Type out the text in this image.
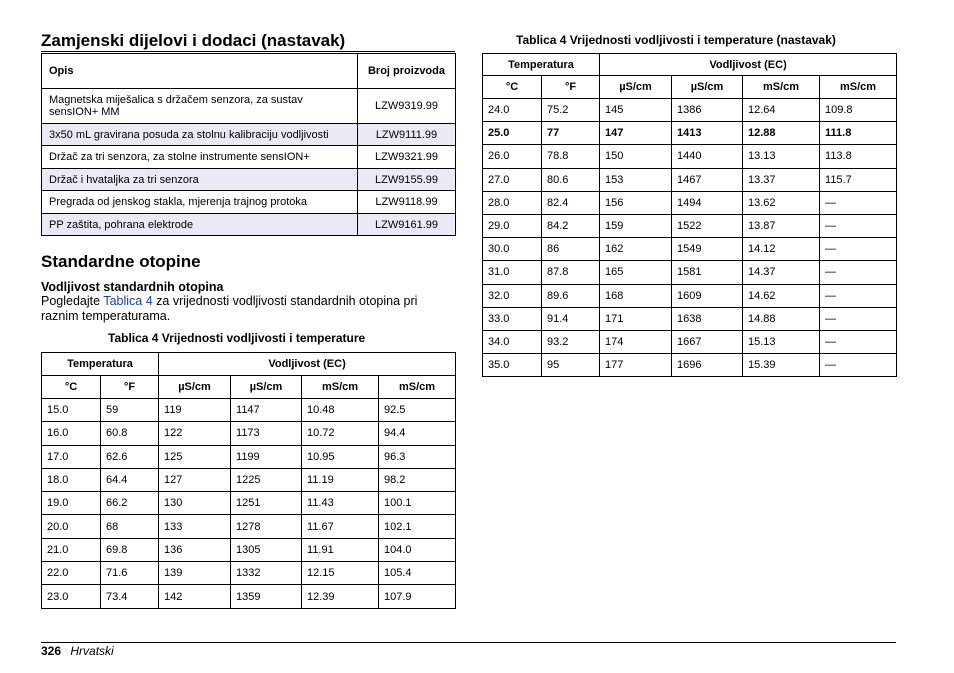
Zamjenski dijelovi i dodaci (nastavak)
Opis	Broj proizvoda
Magnetska miješalica s držačem senzora, za sustav sensION+ MM	LZW9319.99
3x50 mL gravirana posuda za stolnu kalibraciju vodljivosti	LZW9111.99
Držač za tri senzora, za stolne instrumente sensION+	LZW9321.99
Držač i hvataljka za tri senzora	LZW9155.99
Pregrada od jenskog stakla, mjerenja trajnog protoka	LZW9118.99
PP zaštita, pohrana elektrode	LZW9161.99
Standardne otopine

Vodljivost standardnih otopina

Pogledajte Tablica 4 za vrijednosti vodljivosti standardnih otopina pri raznim temperaturama.

Tablica 4 Vrijednosti vodljivosti i temperature

Temperatura		Vodljivost (EC)			
°C	°F	µS/cm	µS/cm	mS/cm	mS/cm
15.0	59	119	1147	10.48	92.5
16.0	60.8	122	1173	10.72	94.4
17.0	62.6	125	1199	10.95	96.3
18.0	64.4	127	1225	11.19	98.2
19.0	66.2	130	1251	11.43	100.1
20.0	68	133	1278	11.67	102.1
21.0	69.8	136	1305	11.91	104.0
22.0	71.6	139	1332	12.15	105.4
23.0	73.4	142	1359	12.39	107.9

Tablica 4 Vrijednosti vodljivosti i temperature (nastavak)

Temperatura		Vodljivost (EC)			
°C	°F	µS/cm	µS/cm	mS/cm	mS/cm
24.0	75.2	145	1386	12.64	109.8
25.0	77	147	1413	12.88	111.8
26.0	78.8	150	1440	13.13	113.8
27.0	80.6	153	1467	13.37	115.7
28.0	82.4	156	1494	13.62	—
29.0	84.2	159	1522	13.87	—
30.0	86	162	1549	14.12	—
31.0	87.8	165	1581	14.37	—
32.0	89.6	168	1609	14.62	—
33.0	91.4	171	1638	14.88	—
34.0	93.2	174	1667	15.13	—
35.0	95	177	1696	15.39	—
326 Hrvatski
